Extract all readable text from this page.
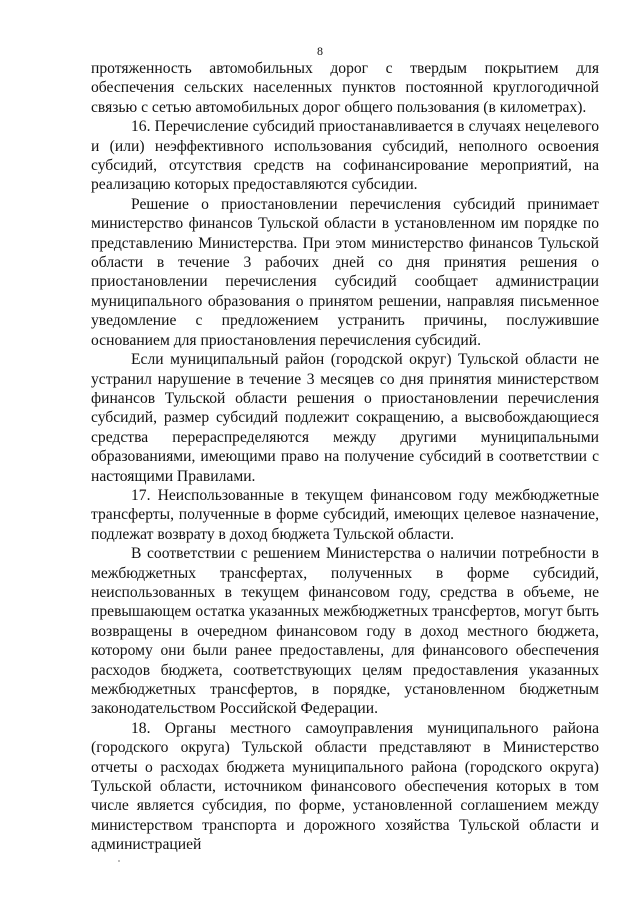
8

протяженность автомобильных дорог с твердым покрытием для обеспечения сельских населенных пунктов постоянной круглогодичной связью с сетью автомобильных дорог общего пользования (в километрах).

16. Перечисление субсидий приостанавливается в случаях нецелевого и (или) неэффективного использования субсидий, неполного освоения субсидий, отсутствия средств на софинансирование мероприятий, на реализацию которых предоставляются субсидии.

Решение о приостановлении перечисления субсидий принимает министерство финансов Тульской области в установленном им порядке по представлению Министерства. При этом министерство финансов Тульской области в течение 3 рабочих дней со дня принятия решения о приостановлении перечисления субсидий сообщает администрации муниципального образования о принятом решении, направляя письменное уведомление с предложением устранить причины, послужившие основанием для приостановления перечисления субсидий.

Если муниципальный район (городской округ) Тульской области не устранил нарушение в течение 3 месяцев со дня принятия министерством финансов Тульской области решения о приостановлении перечисления субсидий, размер субсидий подлежит сокращению, а высвобождающиеся средства перераспределяются между другими муниципальными образованиями, имеющими право на получение субсидий в соответствии с настоящими Правилами.

17. Неиспользованные в текущем финансовом году межбюджетные трансферты, полученные в форме субсидий, имеющих целевое назначение, подлежат возврату в доход бюджета Тульской области.

В соответствии с решением Министерства о наличии потребности в межбюджетных трансфертах, полученных в форме субсидий, неиспользованных в текущем финансовом году, средства в объеме, не превышающем остатка указанных межбюджетных трансфертов, могут быть возвращены в очередном финансовом году в доход местного бюджета, которому они были ранее предоставлены, для финансового обеспечения расходов бюджета, соответствующих целям предоставления указанных межбюджетных трансфертов, в порядке, установленном бюджетным законодательством Российской Федерации.

18. Органы местного самоуправления муниципального района (городского округа) Тульской области представляют в Министерство отчеты о расходах бюджета муниципального района (городского округа) Тульской области, источником финансового обеспечения которых в том числе является субсидия, по форме, установленной соглашением между министерством транспорта и дорожного хозяйства Тульской области и администрацией
